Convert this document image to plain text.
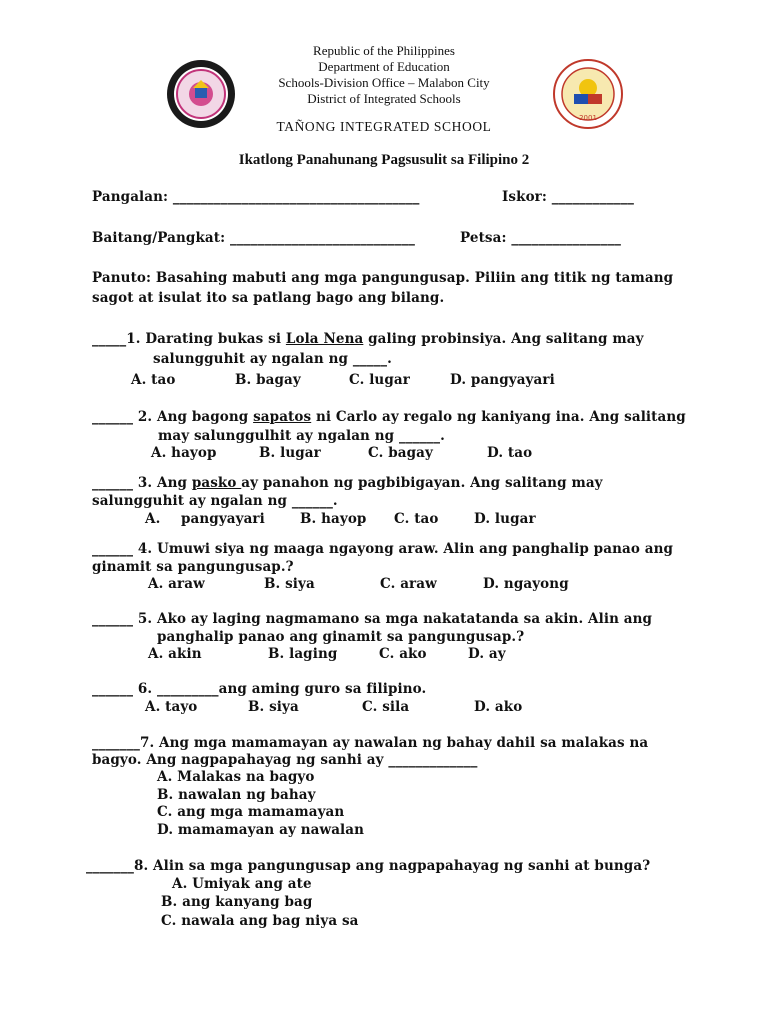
2001
Republic of the Philippines
Department of Education
Schools-Division Office – Malabon City
District of Integrated Schools
TAÑONG INTEGRATED SCHOOL
Ikatlong Panahunang Pagsusulit sa Filipino 2
Pangalan: ____________________________________	Iskor: ____________
Baitang/Pangkat: ___________________________	Petsa: ________________
Panuto: Basahing mabuti ang mga pangungusap. Piliin ang titik ng tamang
sagot at isulat ito sa patlang bago ang bilang.
_____1. Darating bukas si Lola Nena galing probinsiya. Ang salitang may
salungguhit ay ngalan ng _____.
A. tao	B. bagay	C. lugar	D. pangyayari
______ 2. Ang bagong sapatos ni Carlo ay regalo ng kaniyang ina. Ang salitang
may salunggulhit ay ngalan ng ______.
A. hayop	B. lugar	C. bagay	D. tao
______ 3. Ang pasko ay panahon ng pagbibigayan. Ang salitang may
salungguhit ay ngalan ng ______.
A. pangyayari	B. hayop C. tao	D. lugar
______ 4. Umuwi siya ng maaga ngayong araw. Alin ang panghalip panao ang
ginamit sa pangungusap.?
A. araw	B. siya	C. araw	D. ngayong
______ 5. Ako ay laging nagmamano sa mga nakatatanda sa akin. Alin ang
panghalip panao ang ginamit sa pangungusap.?
A. akin	B. laging	C. ako	D. ay
______ 6. _________ang aming guro sa filipino.
A. tayo	B. siya	C. sila	D. ako
_______7. Ang mga mamamayan ay nawalan ng bahay dahil sa malakas na
bagyo. Ang nagpapahayag ng sanhi ay _____________
A. Malakas na bagyo
B. nawalan ng bahay
C. ang mga mamamayan
D. mamamayan ay nawalan
_______8. Alin sa mga pangungusap ang nagpapahayag ng sanhi at bunga?
A. Umiyak ang ate
B. ang kanyang bag
C. nawala ang bag niya sa
